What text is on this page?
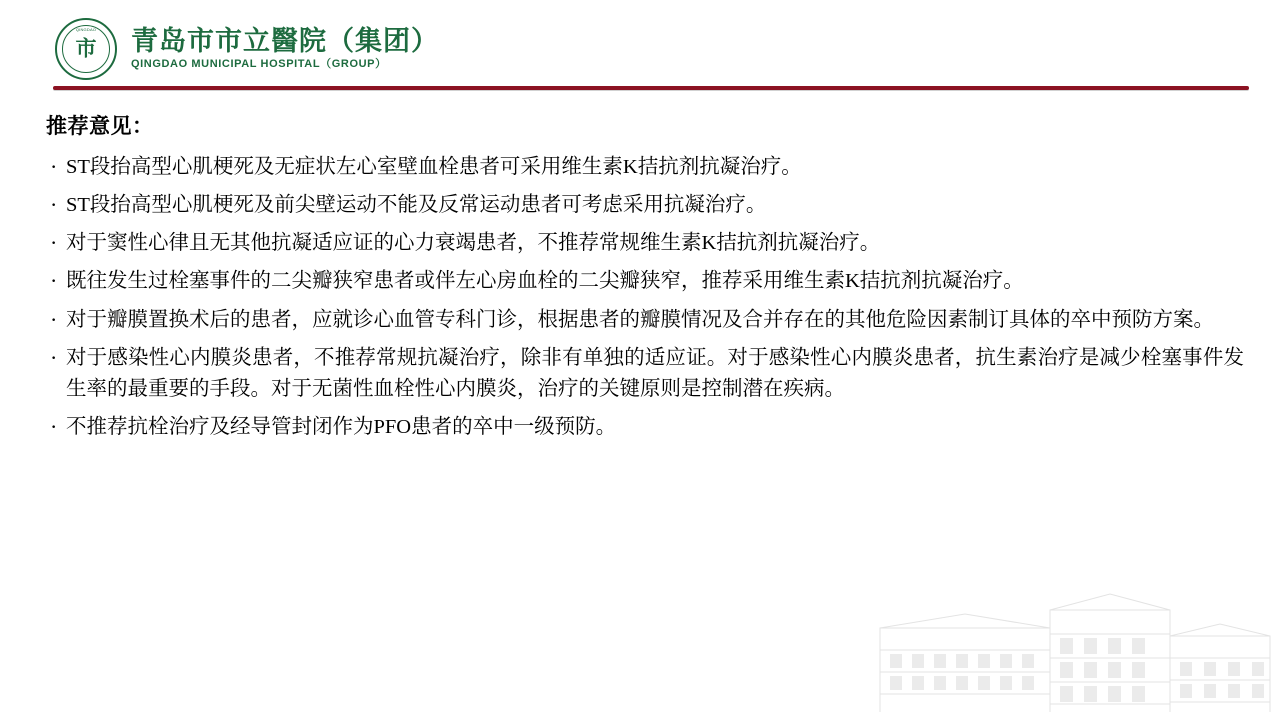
QINGDAO
市	青岛市市立醫院（集团）
QINGDAO MUNICIPAL HOSPITAL（GROUP）
推荐意见：
· ST段抬高型心肌梗死及无症状左心室壁血栓患者可采用维生素K拮抗剂抗凝治疗。
· ST段抬高型心肌梗死及前尖壁运动不能及反常运动患者可考虑采用抗凝治疗。
· 对于窦性心律且无其他抗凝适应证的心力衰竭患者，不推荐常规维生素K拮抗剂抗凝治疗。
· 既往发生过栓塞事件的二尖瓣狭窄患者或伴左心房血栓的二尖瓣狭窄，推荐采用维生素K拮抗剂抗凝治疗。
· 对于瓣膜置换术后的患者，应就诊心血管专科门诊，根据患者的瓣膜情况及合并存在的其他危险因素制订具体的卒中预防方案。
· 对于感染性心内膜炎患者，不推荐常规抗凝治疗，除非有单独的适应证。对于感染性心内膜炎患者，抗生素治疗是减少栓塞事件发生率的最重要的手段。对于无菌性血栓性心内膜炎，治疗的关键原则是控制潜在疾病。
· 不推荐抗栓治疗及经导管封闭作为PFO患者的卒中一级预防。
